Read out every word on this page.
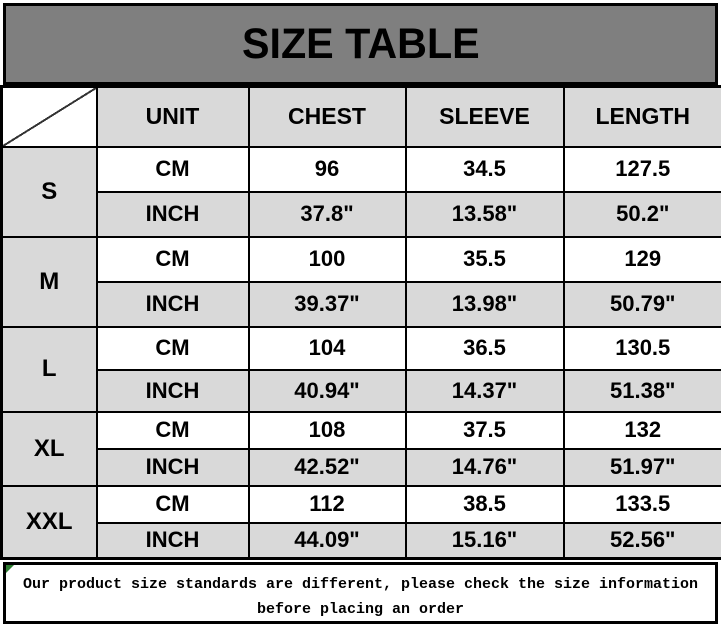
SIZE TABLE
	UNIT	CHEST	SLEEVE	LENGTH
S	CM	96	34.5	127.5
	INCH	37.8"	13.58"	50.2"
M	CM	100	35.5	129
	INCH	39.37"	13.98"	50.79"
L	CM	104	36.5	130.5
	INCH	40.94"	14.37"	51.38"
XL	CM	108	37.5	132
	INCH	42.52"	14.76"	51.97"
XXL	CM	112	38.5	133.5
	INCH	44.09"	15.16"	52.56"
Our product size standards are different, please check the size information
before placing an order
